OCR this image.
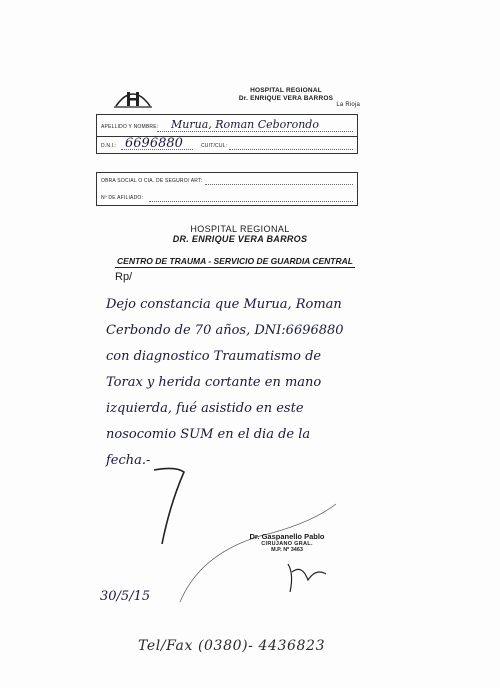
HOSPITAL REGIONAL
Dr. ENRIQUE VERA BARROS
La Rioja
APELLIDO Y NOMBRE: Murua, Roman Ceborondo
D.N.I.: 6696880	CUIT/CUL:
OBRA SOCIAL O CIA. DE SEGURO/ ART:
Nº DE AFILIADO:
HOSPITAL REGIONAL
DR. ENRIQUE VERA BARROS
CENTRO DE TRAUMA - SERVICIO DE GUARDIA CENTRAL
Rp/
Dejo constancia que Murua, Roman
Cerbondo de 70 años, DNI:6696880
con diagnostico Traumatismo de
Torax y herida cortante en mano
izquierda, fué asistido en este
nosocomio SUM en el dia de la
fecha.-
Dr. Gaspanello Pablo
CIRUJANO GRAL.
M.P. Nº 3463
30/5/15
Tel/Fax (0380)- 4436823
